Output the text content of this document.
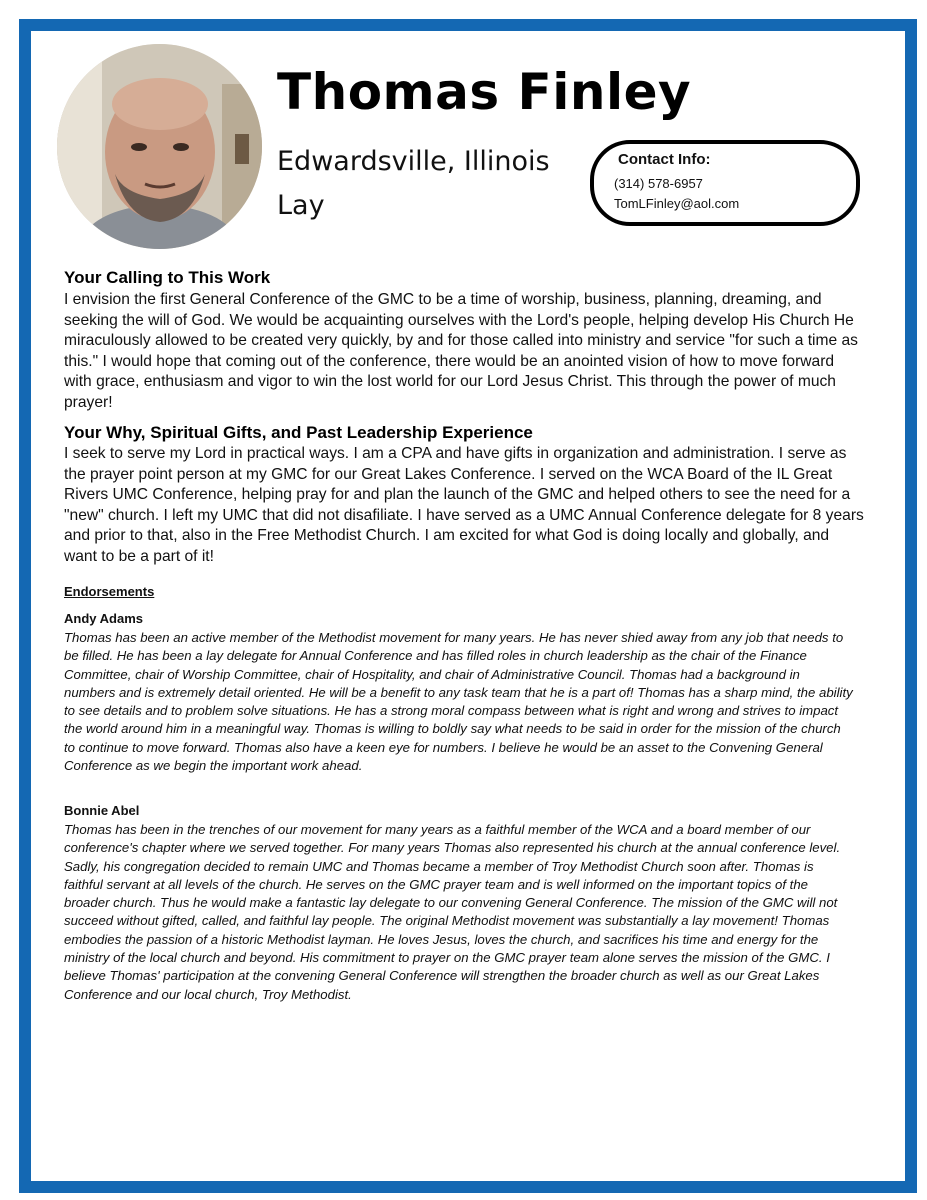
Thomas Finley
Edwardsville, Illinois
Lay
Contact Info:
(314) 578-6957
TomLFinley@aol.com
Your Calling to This Work
I envision the first General Conference of the GMC to be a time of worship, business, planning, dreaming, and seeking the will of God. We would be acquainting ourselves with the Lord's people, helping develop His Church He miraculously allowed to be created very quickly, by and for those called into ministry and service "for such a time as this." I would hope that coming out of the conference, there would be an anointed vision of how to move forward with grace, enthusiasm and vigor to win the lost world for our Lord Jesus Christ. This through the power of much prayer!
Your Why, Spiritual Gifts, and Past Leadership Experience
I seek to serve my Lord in practical ways. I am a CPA and have gifts in organization and administration. I serve as the prayer point person at my GMC for our Great Lakes Conference. I served on the WCA Board of the IL Great Rivers UMC Conference, helping pray for and plan the launch of the GMC and helped others to see the need for a "new" church. I left my UMC that did not disafiliate. I have served as a UMC Annual Conference delegate for 8 years and prior to that, also in the Free Methodist Church. I am excited for what God is doing locally and globally, and want to be a part of it!
Endorsements
Andy Adams
Thomas has been an active member of the Methodist movement for many years. He has never shied away from any job that needs to be filled. He has been a lay delegate for Annual Conference and has filled roles in church leadership as the chair of the Finance Committee, chair of Worship Committee, chair of Hospitality, and chair of Administrative Council. Thomas had a background in numbers and is extremely detail oriented. He will be a benefit to any task team that he is a part of! Thomas has a sharp mind, the ability to see details and to problem solve situations. He has a strong moral compass between what is right and wrong and strives to impact the world around him in a meaningful way. Thomas is willing to boldly say what needs to be said in order for the mission of the church to continue to move forward. Thomas also have a keen eye for numbers. I believe he would be an asset to the Convening General Conference as we begin the important work ahead.
Bonnie Abel
Thomas has been in the trenches of our movement for many years as a faithful member of the WCA and a board member of our conference's chapter where we served together. For many years Thomas also represented his church at the annual conference level. Sadly, his congregation decided to remain UMC and Thomas became a member of Troy Methodist Church soon after. Thomas is faithful servant at all levels of the church. He serves on the GMC prayer team and is well informed on the important topics of the broader church. Thus he would make a fantastic lay delegate to our convening General Conference. The mission of the GMC will not succeed without gifted, called, and faithful lay people. The original Methodist movement was substantially a lay movement! Thomas embodies the passion of a historic Methodist layman. He loves Jesus, loves the church, and sacrifices his time and energy for the ministry of the local church and beyond. His commitment to prayer on the GMC prayer team alone serves the mission of the GMC. I believe Thomas' participation at the convening General Conference will strengthen the broader church as well as our Great Lakes Conference and our local church, Troy Methodist.
